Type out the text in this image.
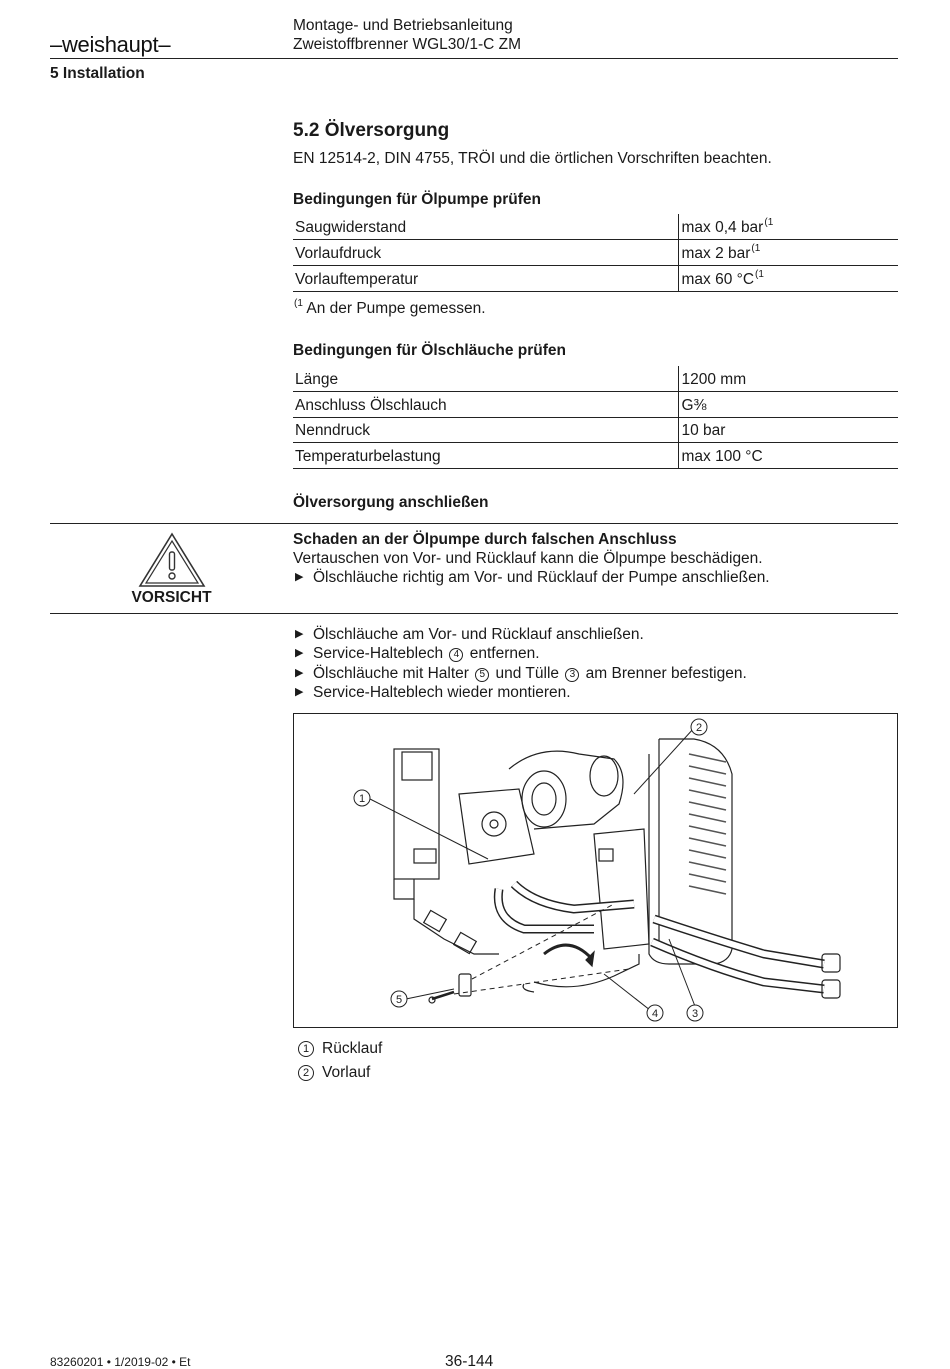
–weishaupt–
Montage- und Betriebsanleitung
Zweistoffbrenner WGL30/1-C ZM
5 Installation
5.2 Ölversorgung
EN 12514-2, DIN 4755, TRÖI und die örtlichen Vorschriften beachten.
Bedingungen für Ölpumpe prüfen
Saugwiderstand	max 0,4 bar$^{(1}$
Vorlaufdruck	max 2 bar$^{(1}$
Vorlauftemperatur	max 60 °C$^{(1}$
$^{(1}$ An der Pumpe gemessen.
Bedingungen für Ölschläuche prüfen
Länge	1200 mm
Anschluss Ölschlauch	G⅜
Nenndruck	10 bar
Temperaturbelastung	max 100 °C
Ölversorgung anschließen
VORSICHT
Schaden an der Ölpumpe durch falschen Anschluss
Vertauschen von Vor- und Rücklauf kann die Ölpumpe beschädigen.
▶ Ölschläuche richtig am Vor- und Rücklauf der Pumpe anschließen.
▶ Ölschläuche am Vor- und Rücklauf anschließen.
▶ Service-Halteblech 4 entfernen.
▶ Ölschläuche mit Halter 5 und Tülle 3 am Brenner befestigen.
▶ Service-Halteblech wieder montieren.
1
2
3
4
5
1 Rücklauf
2 Vorlauf
83260201 • 1/2019-02 • Et	36-144
